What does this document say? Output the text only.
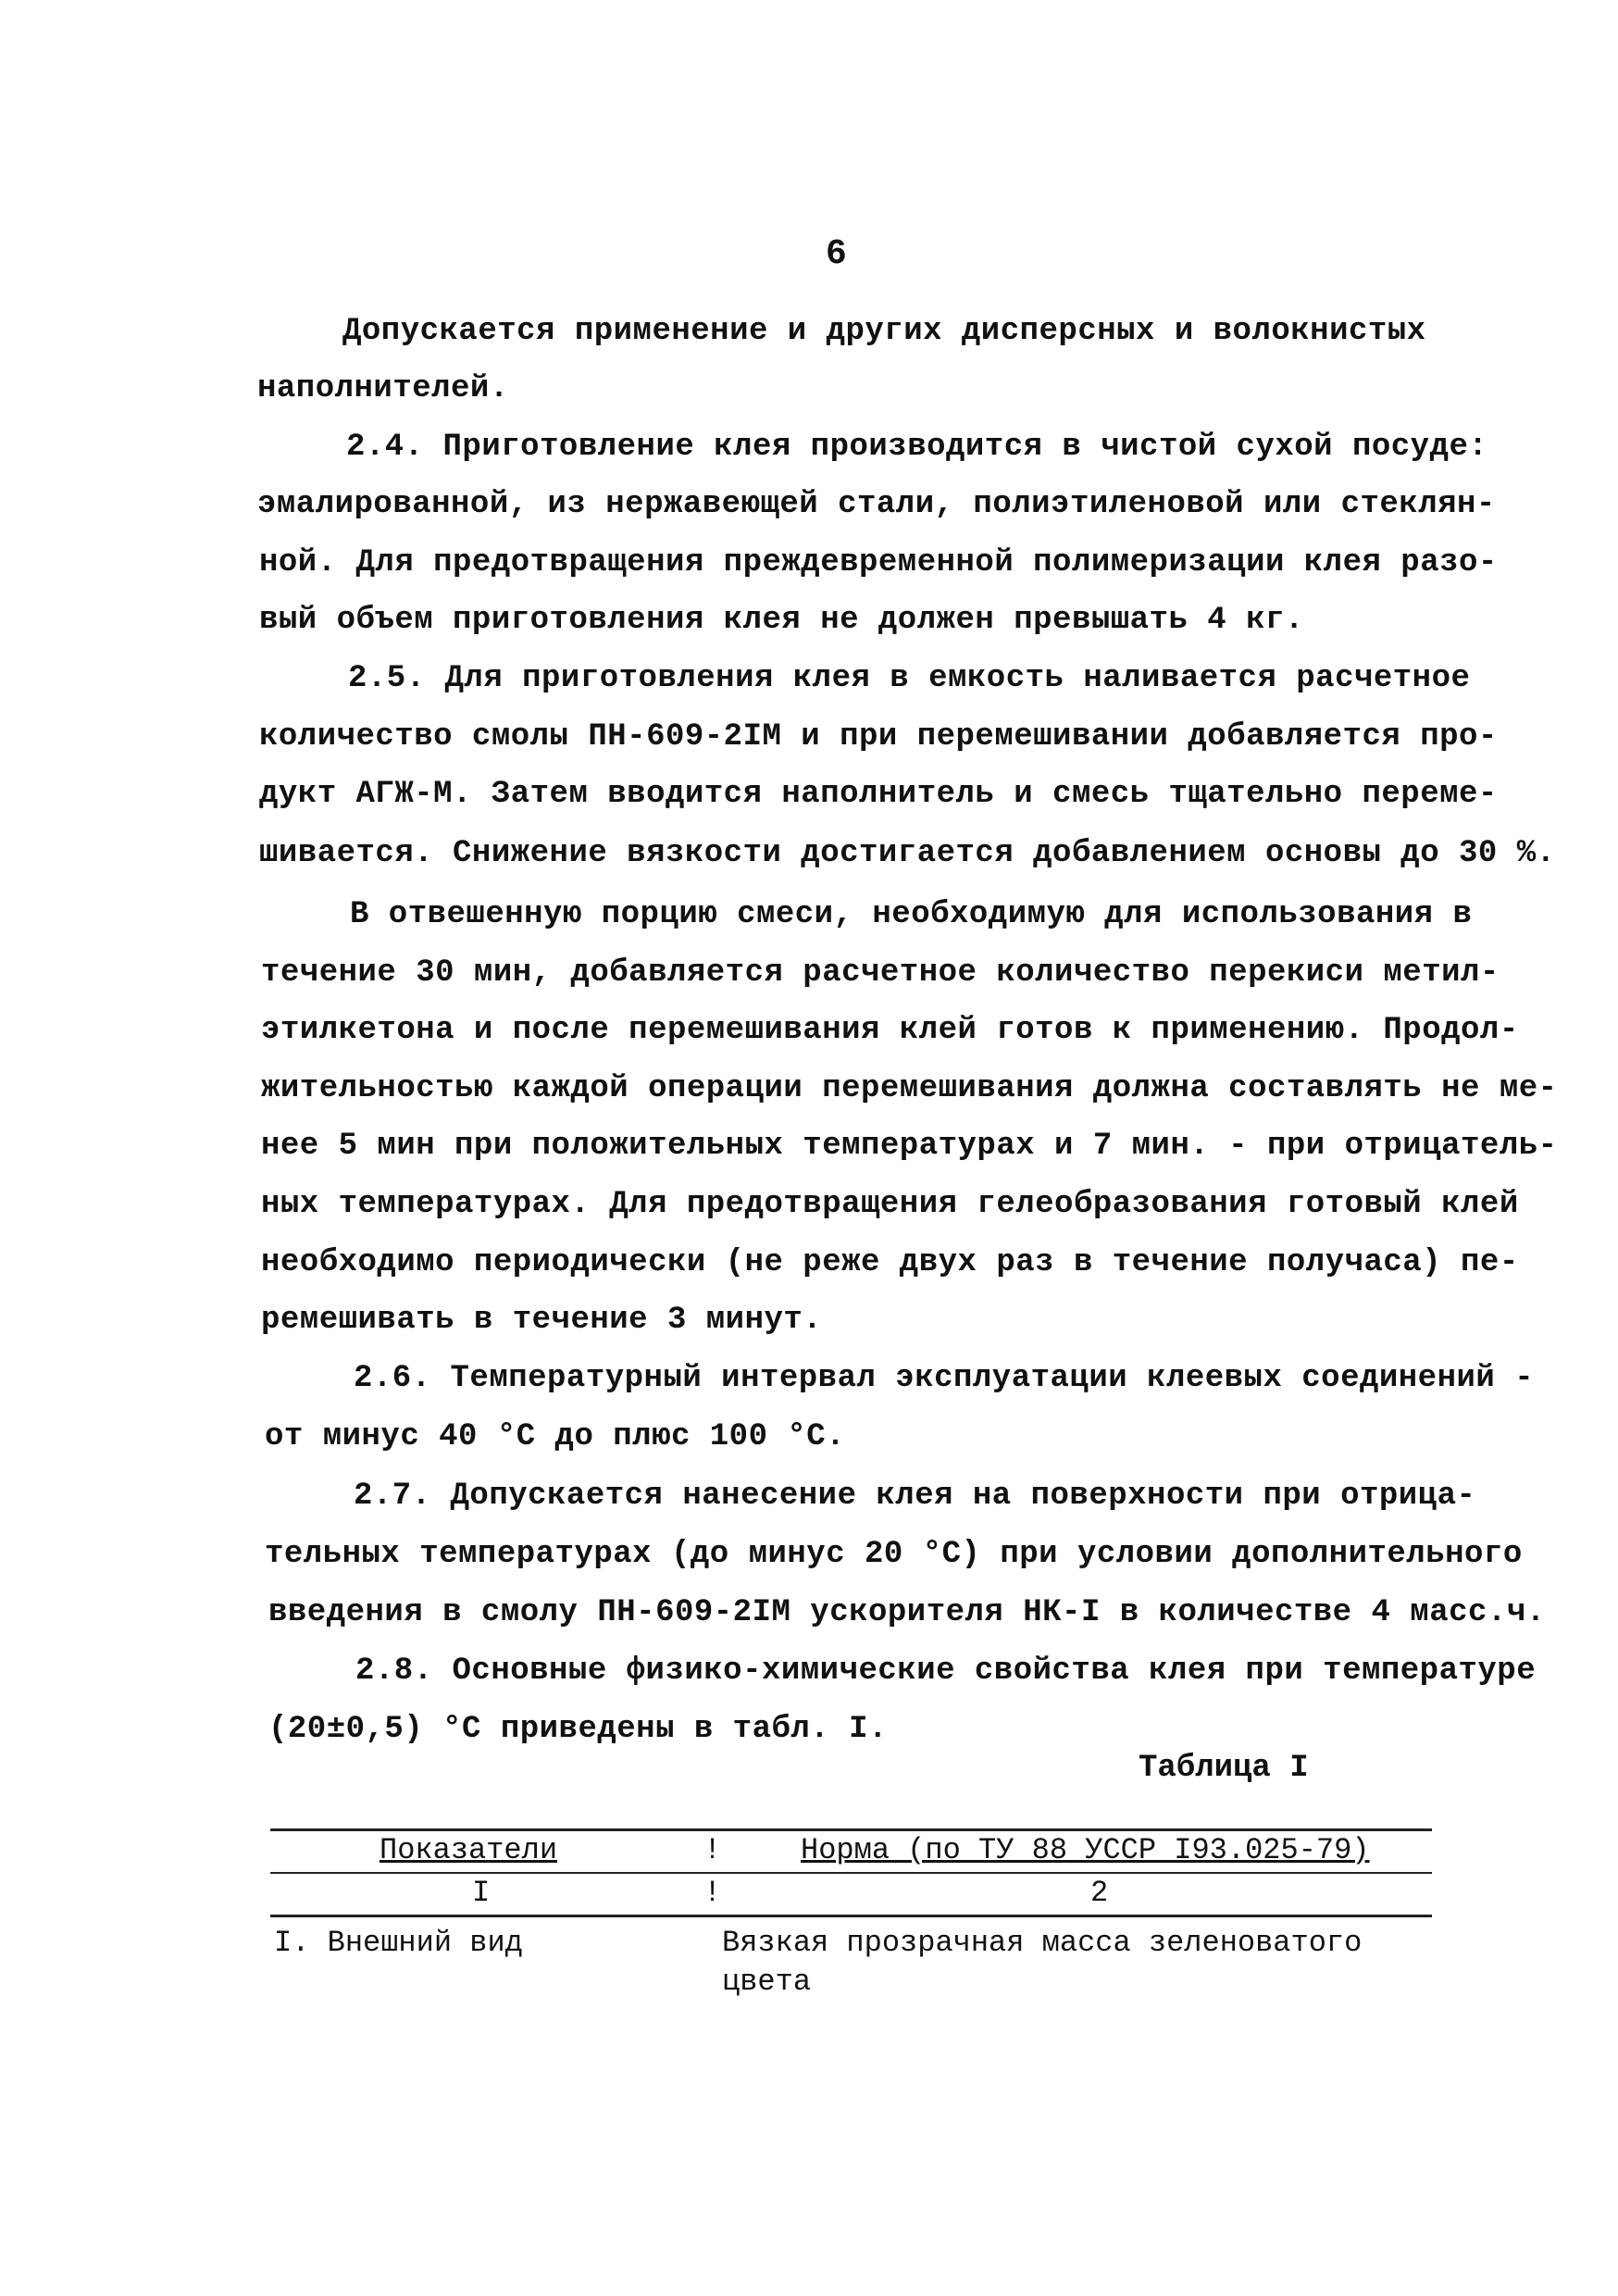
6
Допускается применение и других дисперсных и волокнистых
наполнителей.
2.4. Приготовление клея производится в чистой сухой посуде:
эмалированной, из нержавеющей стали, полиэтиленовой или стеклян-
ной. Для предотвращения преждевременной полимеризации клея разо-
вый объем приготовления клея не должен превышать 4 кг.
2.5. Для приготовления клея в емкость наливается расчетное
количество смолы ПН-609-2IМ и при перемешивании добавляется про-
дукт АГЖ-М. Затем вводится наполнитель и смесь тщательно переме-
шивается. Снижение вязкости достигается добавлением основы до 30 %.
В отвешенную порцию смеси, необходимую для использования в
течение 30 мин, добавляется расчетное количество перекиси метил-
этилкетона и после перемешивания клей готов к применению. Продол-
жительностью каждой операции перемешивания должна составлять не ме-
нее 5 мин при положительных температурах и 7 мин. - при отрицатель-
ных температурах. Для предотвращения гелеобразования готовый клей
необходимо периодически (не реже двух раз в течение получаса) пе-
ремешивать в течение 3 минут.
2.6. Температурный интервал эксплуатации клеевых соединений -
от минус 40 °С до плюс 100 °С.
2.7. Допускается нанесение клея на поверхности при отрица-
тельных температурах (до минус 20 °С) при условии дополнительного
введения в смолу ПН-609-2IМ ускорителя НК-I в количестве 4 масс.ч.
2.8. Основные физико-химические свойства клея при температуре
(20±0,5) °С приведены в табл. I.
Таблица I
Показатели	!	Норма (по ТУ 88 УССР I93.025-79)
I	!	2
I. Внешний вид	Вязкая прозрачная масса зеленоватого
цвета
